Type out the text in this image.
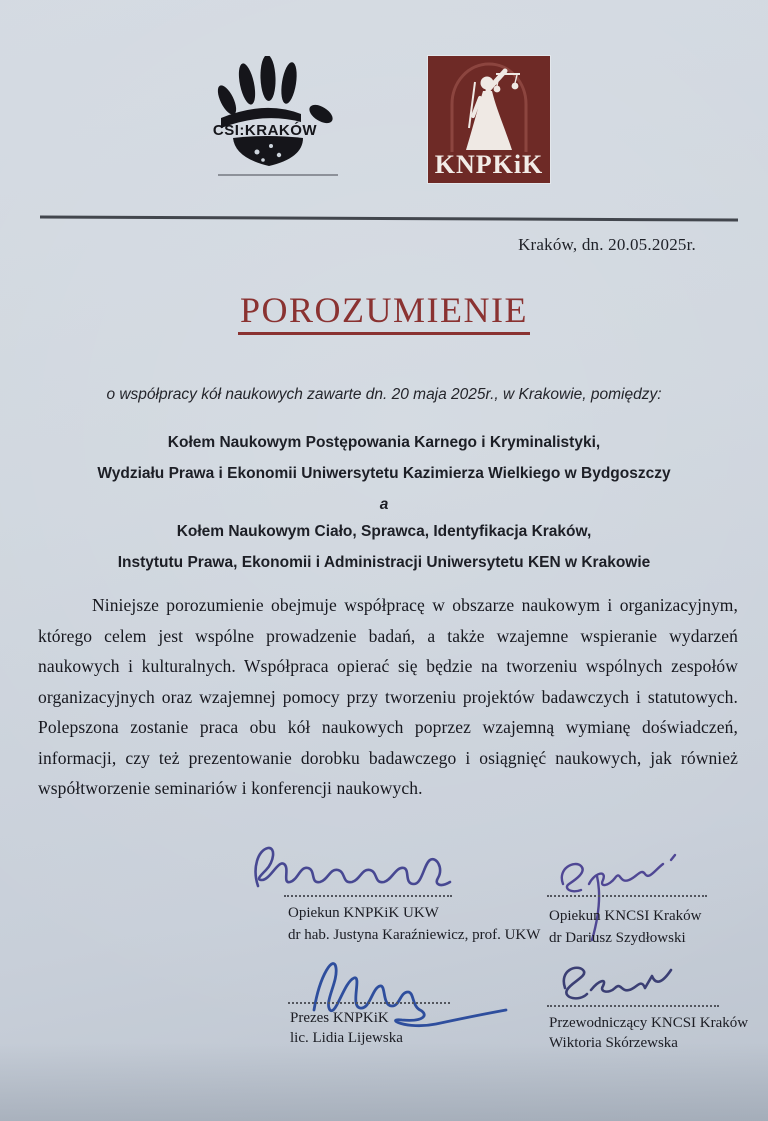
CSI:KRAKÓW
KNPKiK
Kraków, dn. 20.05.2025r.
POROZUMIENIE
o współpracy kół naukowych zawarte dn. 20 maja 2025r., w Krakowie, pomiędzy:
Kołem Naukowym Postępowania Karnego i Kryminalistyki,
Wydziału Prawa i Ekonomii Uniwersytetu Kazimierza Wielkiego w Bydgoszczy
a
Kołem Naukowym Ciało, Sprawca, Identyfikacja Kraków,
Instytutu Prawa, Ekonomii i Administracji Uniwersytetu KEN w Krakowie
Niniejsze porozumienie obejmuje współpracę w obszarze naukowym i organizacyjnym, którego celem jest wspólne prowadzenie badań, a także wzajemne wspieranie wydarzeń naukowych i kulturalnych. Współpraca opierać się będzie na tworzeniu wspólnych zespołów organizacyjnych oraz wzajemnej pomocy przy tworzeniu projektów badawczych i statutowych. Polepszona zostanie praca obu kół naukowych poprzez wzajemną wymianę doświadczeń, informacji, czy też prezentowanie dorobku badawczego i osiągnięć naukowych, jak również współtworzenie seminariów i konferencji naukowych.
Opiekun KNPKiK UKW
dr hab. Justyna Karaźniewicz, prof. UKW
Opiekun KNCSI Kraków
dr Dariusz Szydłowski
Prezes KNPKiK
lic. Lidia Lijewska
Przewodniczący KNCSI Kraków
Wiktoria Skórzewska
